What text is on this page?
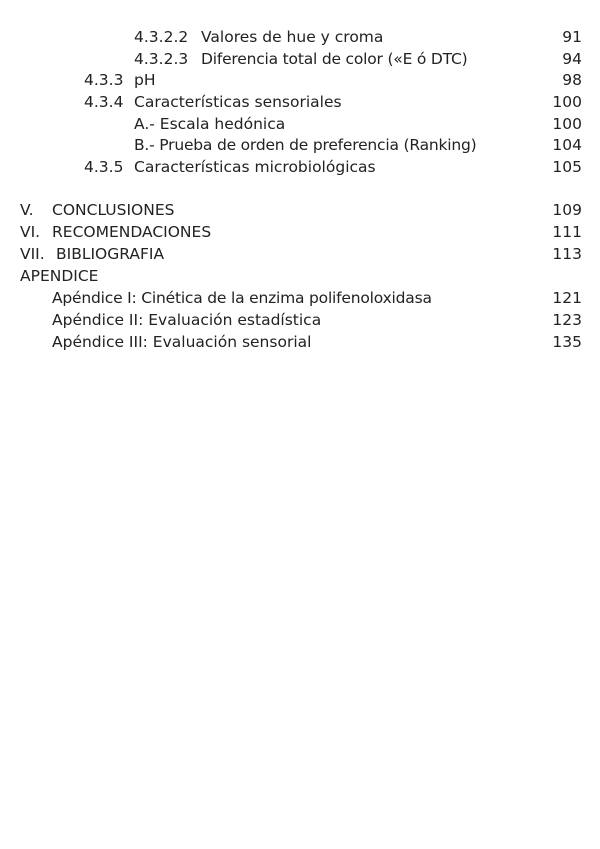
4.3.2.2 Valores de hue y croma	91
4.3.2.3 Diferencia total de color («E ó DTC)	94
4.3.3 pH	98
4.3.4 Características sensoriales	100
A.- Escala hedónica	100
B.- Prueba de orden de preferencia (Ranking)	104
4.3.5 Características microbiológicas	105
V. CONCLUSIONES	109
VI. RECOMENDACIONES	111
VII. BIBLIOGRAFIA	113
APENDICE
Apéndice I: Cinética de la enzima polifenoloxidasa	121
Apéndice II: Evaluación estadística	123
Apéndice III: Evaluación sensorial	135
